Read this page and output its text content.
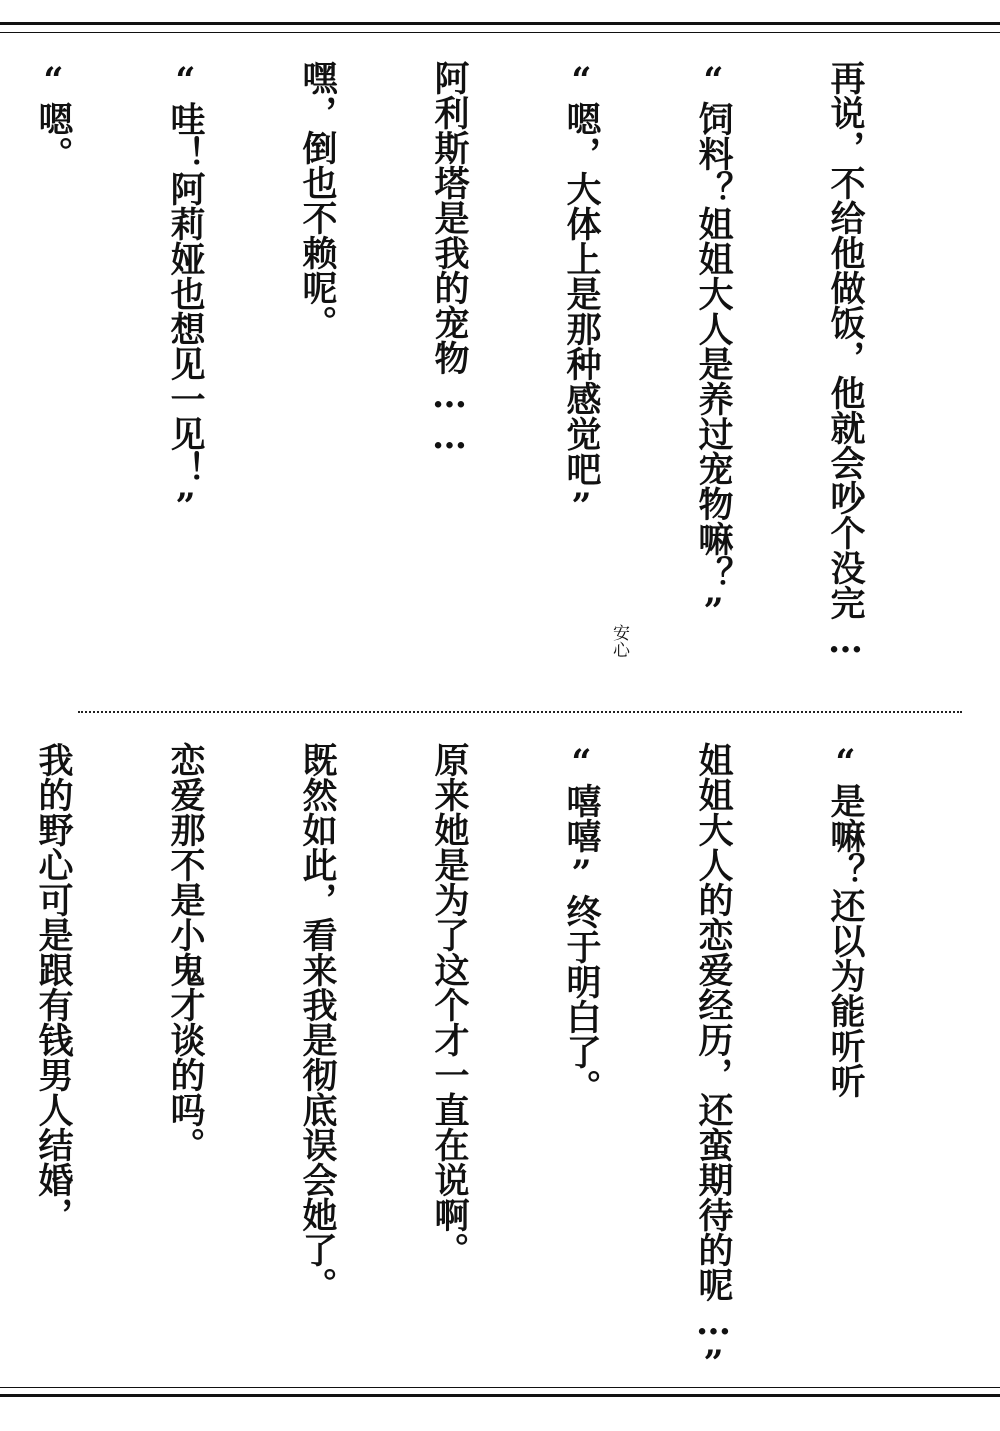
再说，不给他做饭，他就会吵个没完…

“饲料？姐姐大人是养过宠物嘛？”

“嗯，大体上是那种感觉吧”

阿利斯塔是我的宠物……

嘿，倒也不赖呢。

“哇！阿莉娅也想见一见！”

“嗯。

安心

“是嘛？还以为能听听

姐姐大人的恋爱经历，还蛮期待的呢…”

“嘻嘻”终于明白了。

原来她是为了这个才一直在说啊。

既然如此，看来我是彻底误会她了。

恋爱那不是小鬼才谈的吗。

我的野心可是跟有钱男人结婚，
